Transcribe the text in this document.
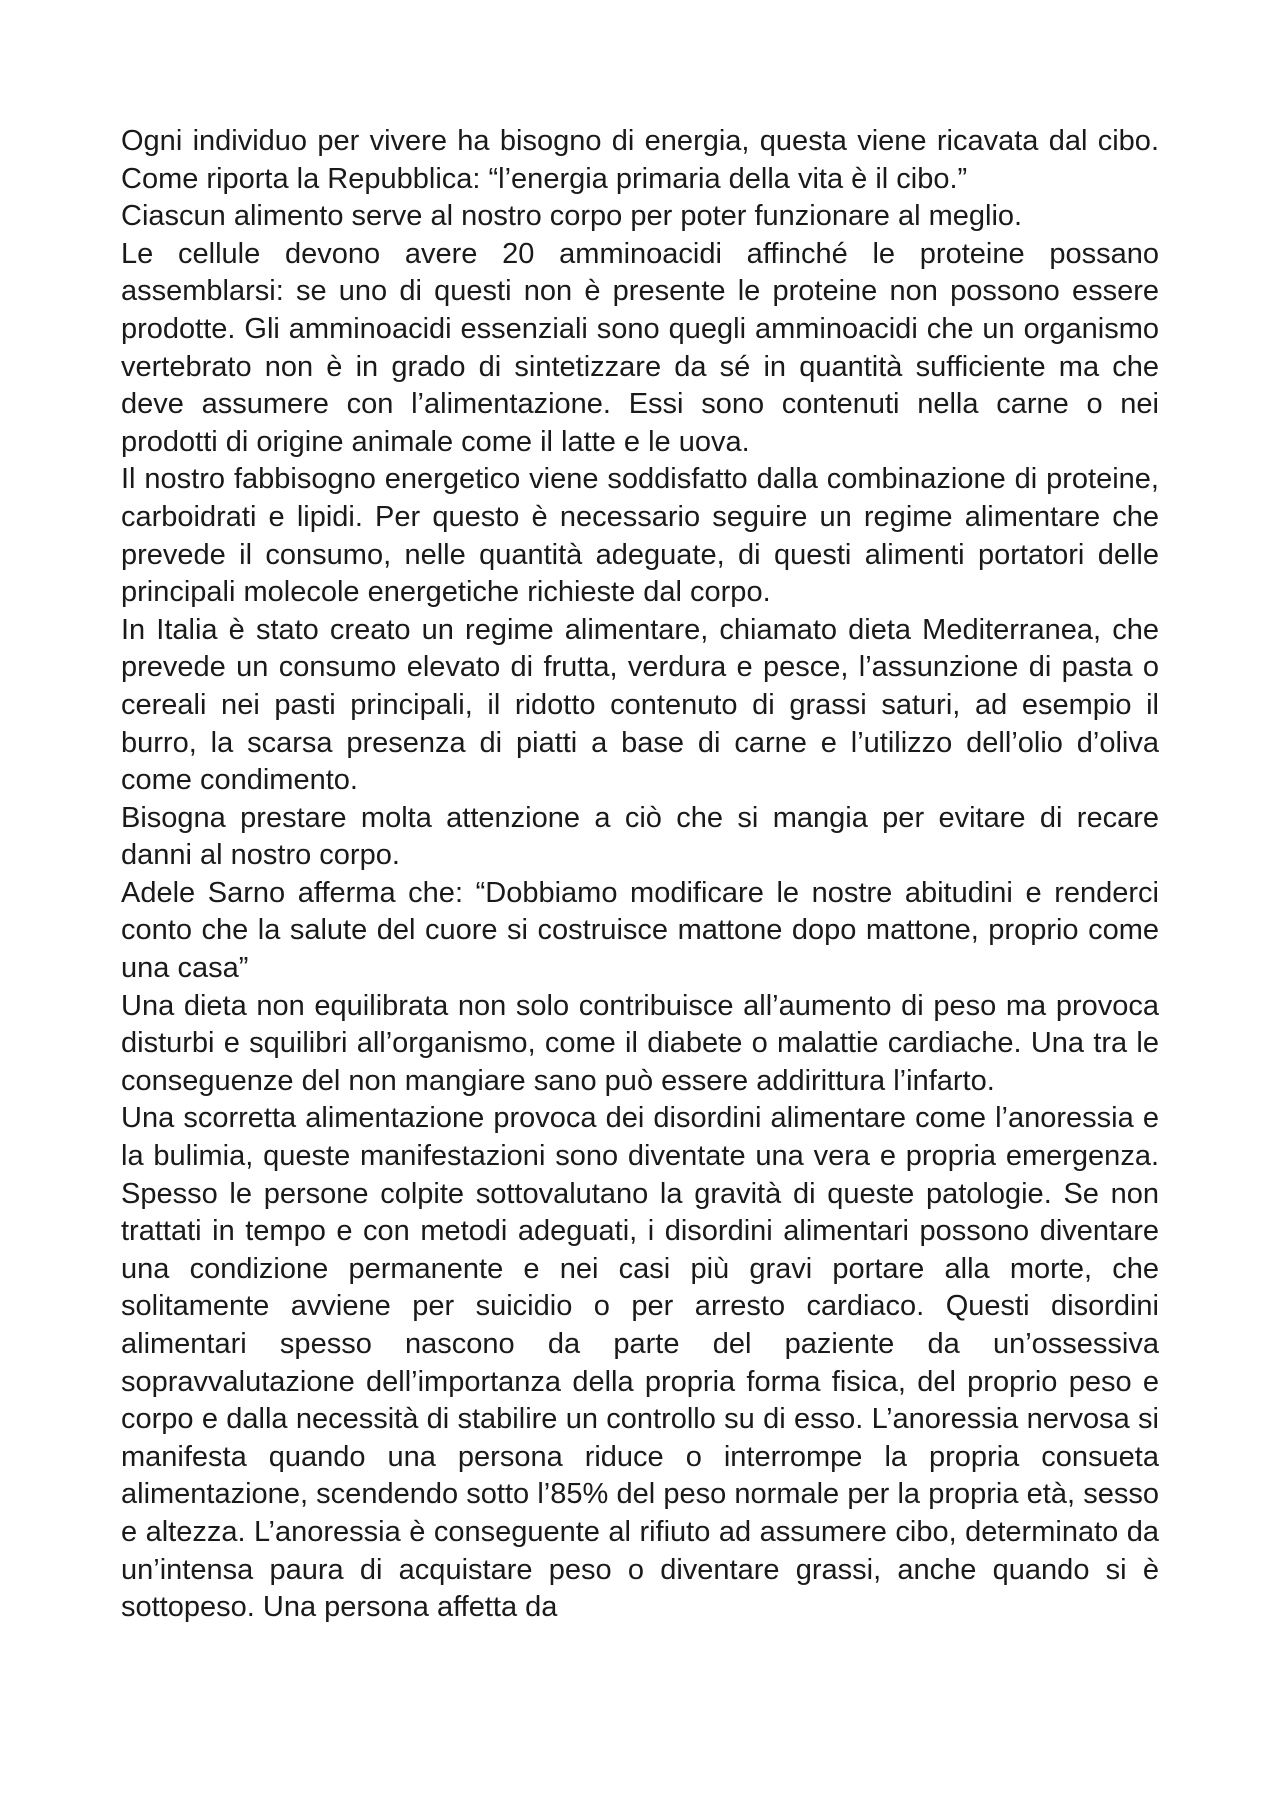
Ogni individuo per vivere ha bisogno di energia, questa viene ricavata dal cibo. Come riporta la Repubblica: “l’energia primaria della vita è il cibo.”

Ciascun alimento serve al nostro corpo per poter funzionare al meglio.

Le cellule devono avere 20 amminoacidi affinché le proteine possano assemblarsi: se uno di questi non è presente le proteine non possono essere prodotte. Gli amminoacidi essenziali sono quegli amminoacidi che un organismo vertebrato non è in grado di sintetizzare da sé in quantità sufficiente ma che deve assumere con l’alimentazione. Essi sono contenuti nella carne o nei prodotti di origine animale come il latte e le uova.

Il nostro fabbisogno energetico viene soddisfatto dalla combinazione di proteine, carboidrati e lipidi. Per questo è necessario seguire un regime alimentare che prevede il consumo, nelle quantità adeguate, di questi alimenti portatori delle principali molecole energetiche richieste dal corpo.

In Italia è stato creato un regime alimentare, chiamato dieta Mediterranea, che prevede un consumo elevato di frutta, verdura e pesce, l’assunzione di pasta o cereali nei pasti principali, il ridotto contenuto di grassi saturi, ad esempio il burro, la scarsa presenza di piatti a base di carne e l’utilizzo dell’olio d’oliva come condimento.

Bisogna prestare molta attenzione a ciò che si mangia per evitare di recare danni al nostro corpo.

Adele Sarno afferma che: “Dobbiamo modificare le nostre abitudini e renderci conto che la salute del cuore si costruisce mattone dopo mattone, proprio come una casa”

Una dieta non equilibrata non solo contribuisce all’aumento di peso ma provoca disturbi e squilibri all’organismo, come il diabete o malattie cardiache. Una tra le conseguenze del non mangiare sano può essere addirittura l’infarto.

Una scorretta alimentazione provoca dei disordini alimentare come l’anoressia e la bulimia, queste manifestazioni sono diventate una vera e propria emergenza. Spesso le persone colpite sottovalutano la gravità di queste patologie. Se non trattati in tempo e con metodi adeguati, i disordini alimentari possono diventare una condizione permanente e nei casi più gravi portare alla morte, che solitamente avviene per suicidio o per arresto cardiaco. Questi disordini alimentari spesso nascono da parte del paziente da un’ossessiva sopravvalutazione dell’importanza della propria forma fisica, del proprio peso e corpo e dalla necessità di stabilire un controllo su di esso. L’anoressia nervosa si manifesta quando una persona riduce o interrompe la propria consueta alimentazione, scendendo sotto l’85% del peso normale per la propria età, sesso e altezza. L’anoressia è conseguente al rifiuto ad assumere cibo, determinato da un’intensa paura di acquistare peso o diventare grassi, anche quando si è sottopeso. Una persona affetta da
